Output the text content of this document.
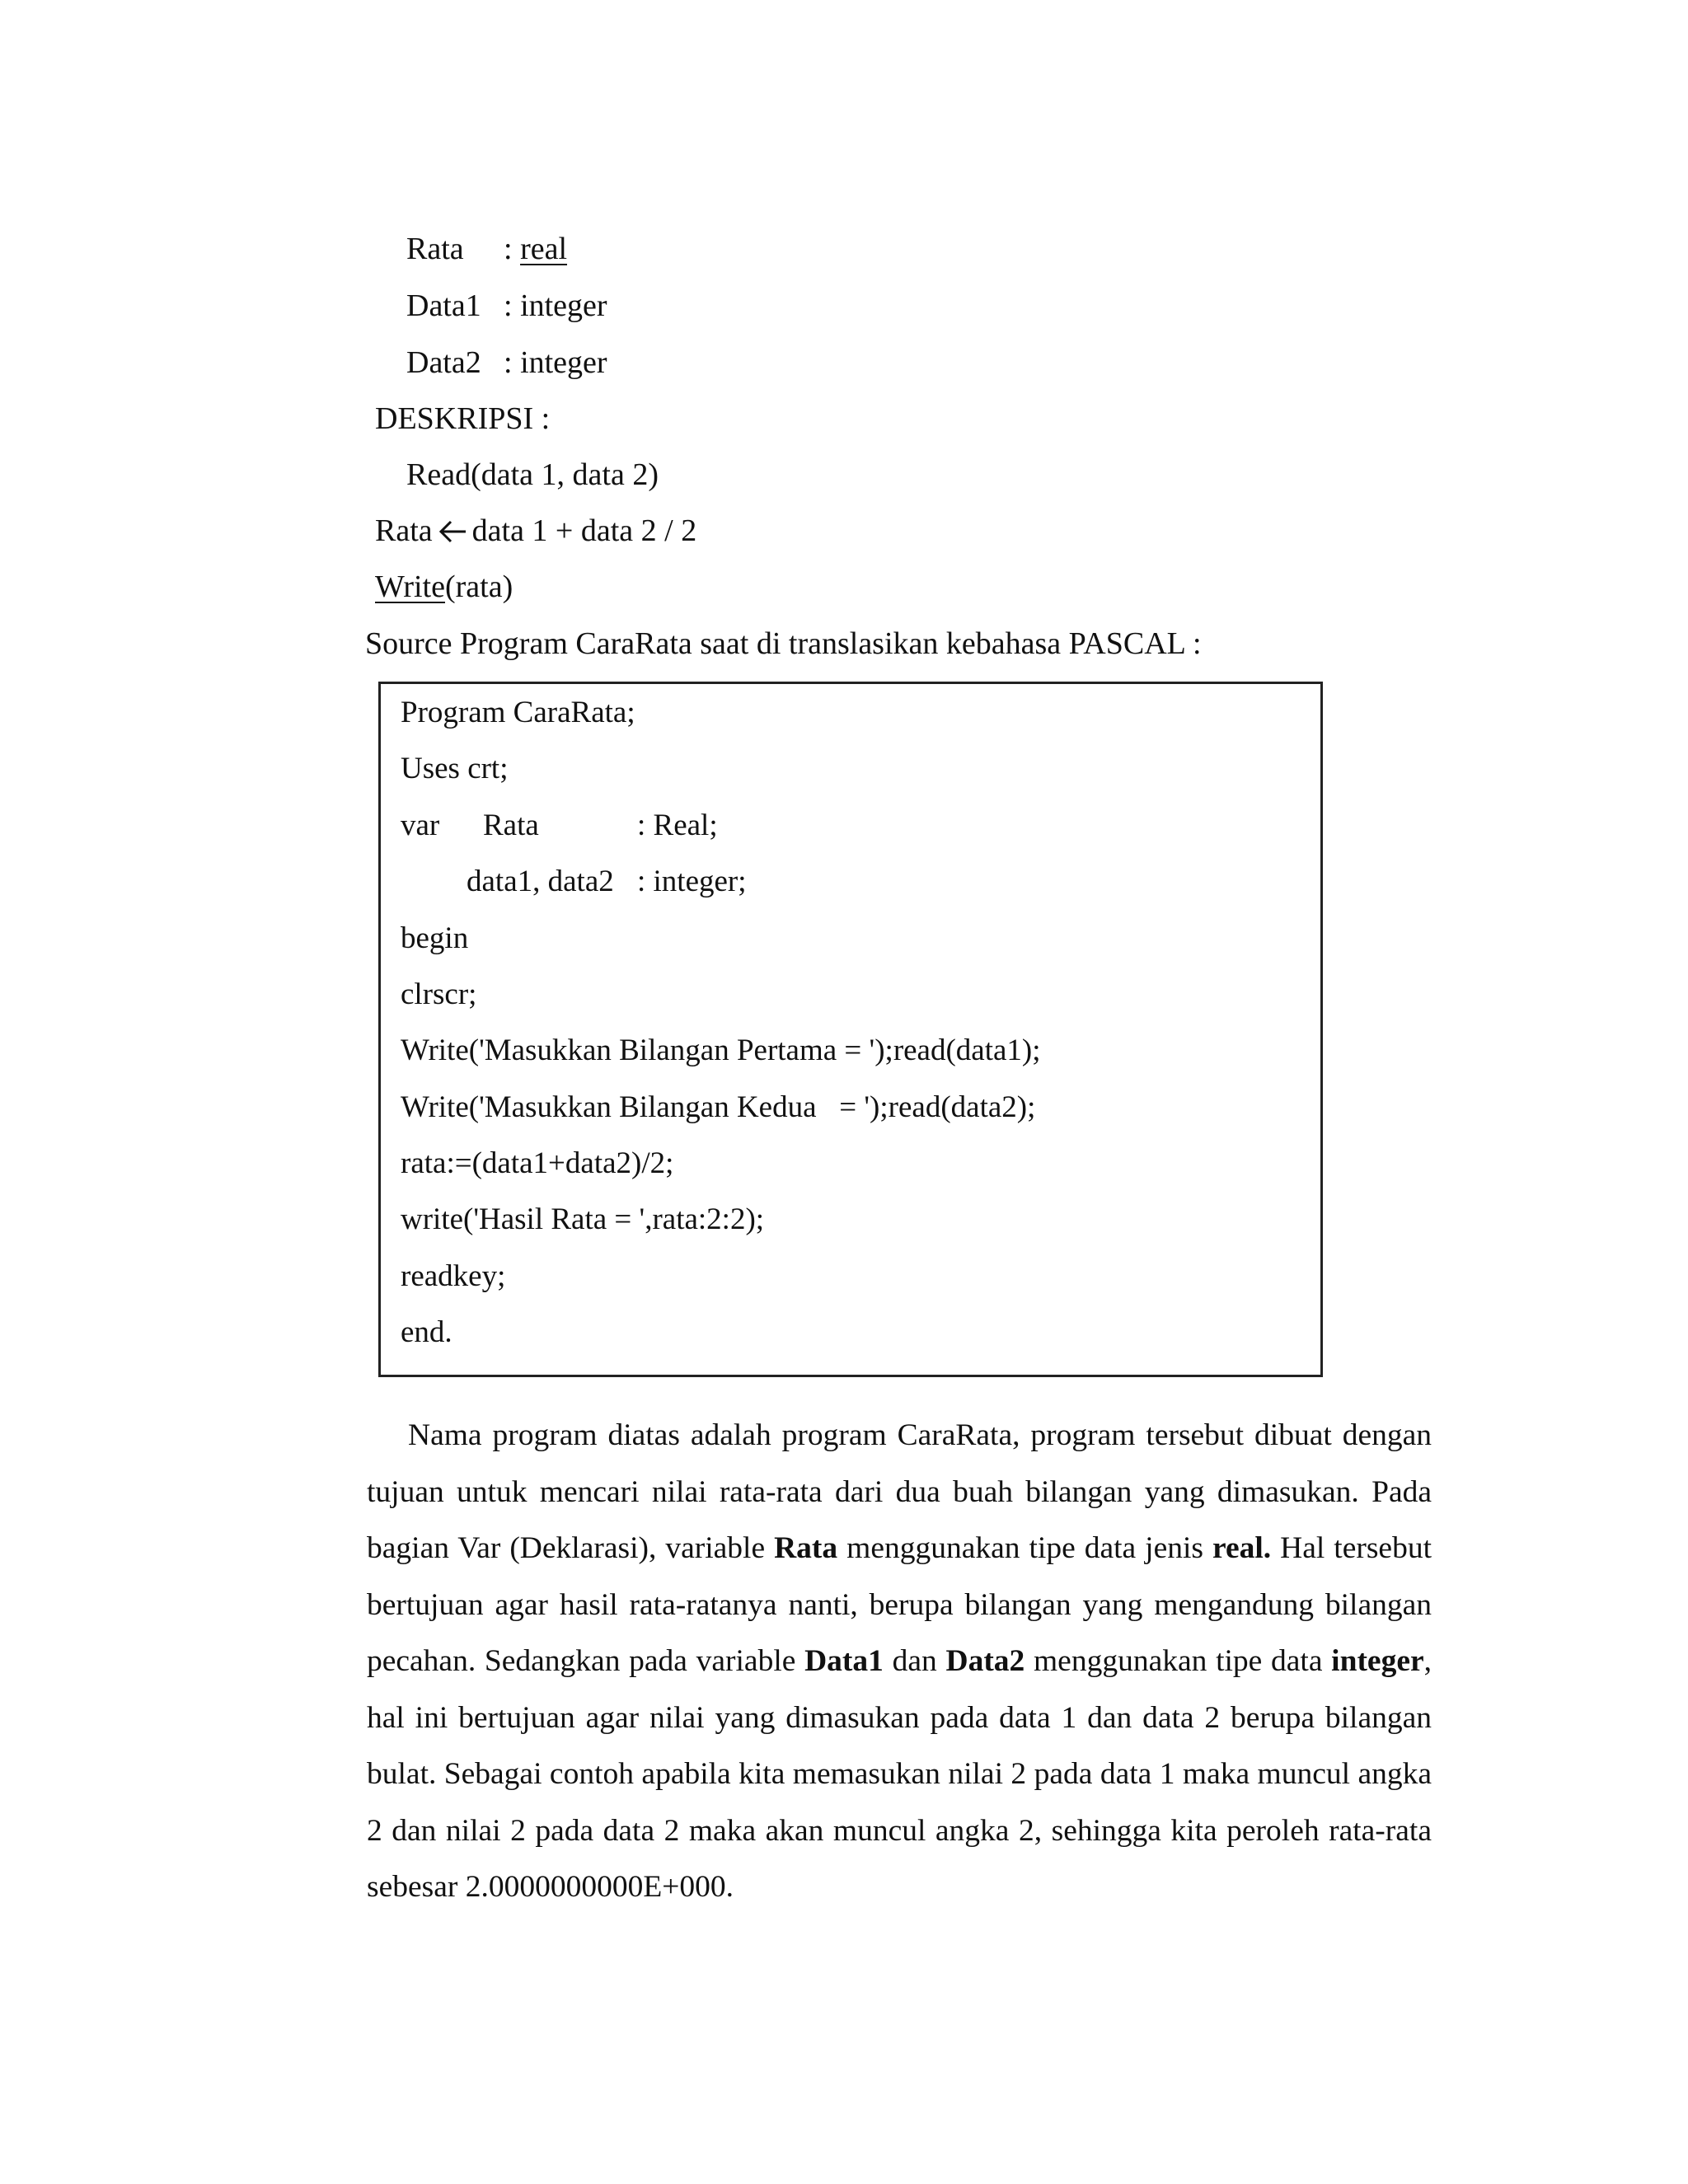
Rata : real
Data1 : integer
Data2 : integer
DESKRIPSI :
Read(data 1, data 2)
Rata data 1 + data 2 / 2
Write(rata)
Source Program CaraRata saat di translasikan kebahasa PASCAL :
Program CaraRata;
Uses crt;
var Rata	: Real;
data1, data2 : integer;
begin
clrscr;
Write('Masukkan Bilangan Pertama = ');read(data1);
Write('Masukkan Bilangan Kedua   = ');read(data2);
rata:=(data1+data2)/2;
write('Hasil Rata = ',rata:2:2);
readkey;
end.
Nama program diatas adalah program CaraRata, program tersebut dibuat dengan tujuan untuk mencari nilai rata-rata dari dua buah bilangan yang dimasukan. Pada bagian Var (Deklarasi), variable Rata menggunakan tipe data jenis real. Hal tersebut bertujuan agar hasil rata-ratanya nanti, berupa bilangan yang mengandung bilangan pecahan. Sedangkan pada variable Data1 dan Data2 menggunakan tipe data integer, hal ini bertujuan agar nilai yang dimasukan pada data 1 dan data 2 berupa bilangan bulat. Sebagai contoh apabila kita memasukan nilai 2 pada data 1 maka muncul angka 2 dan nilai 2 pada data 2 maka akan muncul angka 2, sehingga kita peroleh rata-rata sebesar 2.0000000000E+000.
